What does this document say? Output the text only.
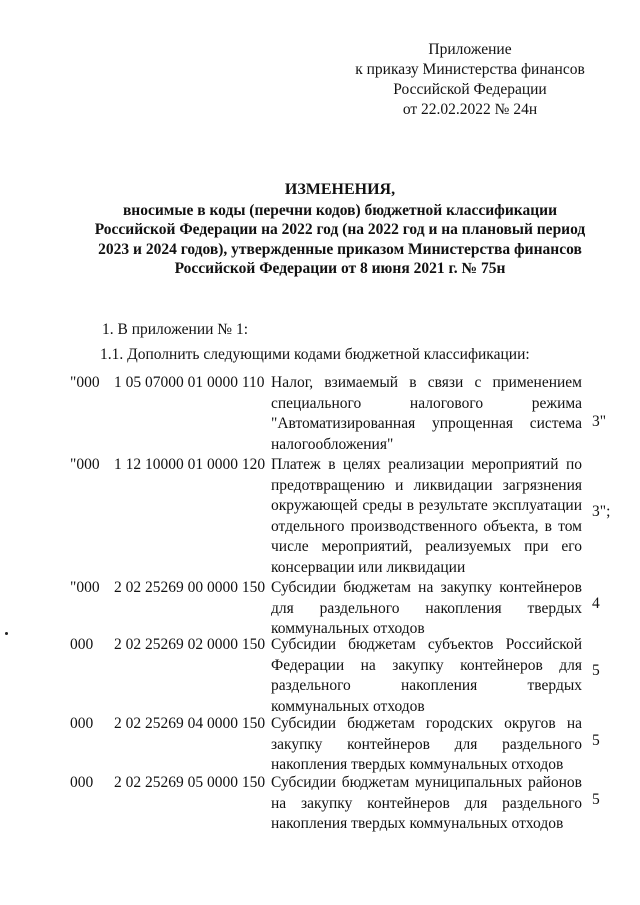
Приложение
к приказу Министерства финансов
Российской Федерации
от 22.02.2022 № 24н
ИЗМЕНЕНИЯ,
вносимые в коды (перечни кодов) бюджетной классификации
Российской Федерации на 2022 год (на 2022 год и на плановый период
2023 и 2024 годов), утвержденные приказом Министерства финансов
Российской Федерации от 8 июня 2021 г. № 75н
1. В приложении № 1:
1.1. Дополнить следующими кодами бюджетной классификации:
"000 1 05 07000 01 0000 110 Налог, взимаемый в связи с применением
специального налогового режима
"Автоматизированная упрощенная система
налогообложения"
3"
"000 1 12 10000 01 0000 120 Платеж в целях реализации мероприятий по
предотвращению и ликвидации загрязнения
окружающей среды в результате эксплуатации
отдельного производственного объекта, в том
числе мероприятий, реализуемых при его
консервации или ликвидации
3";
"000 2 02 25269 00 0000 150 Субсидии бюджетам на закупку контейнеров
для раздельного накопления твердых
коммунальных отходов
4
000 2 02 25269 02 0000 150 Субсидии бюджетам субъектов Российской
Федерации на закупку контейнеров для
раздельного накопления твердых
коммунальных отходов
5
000 2 02 25269 04 0000 150 Субсидии бюджетам городских округов на
закупку контейнеров для раздельного
накопления твердых коммунальных отходов
5
000 2 02 25269 05 0000 150 Субсидии бюджетам муниципальных районов
на закупку контейнеров для раздельного
накопления твердых коммунальных отходов
5
